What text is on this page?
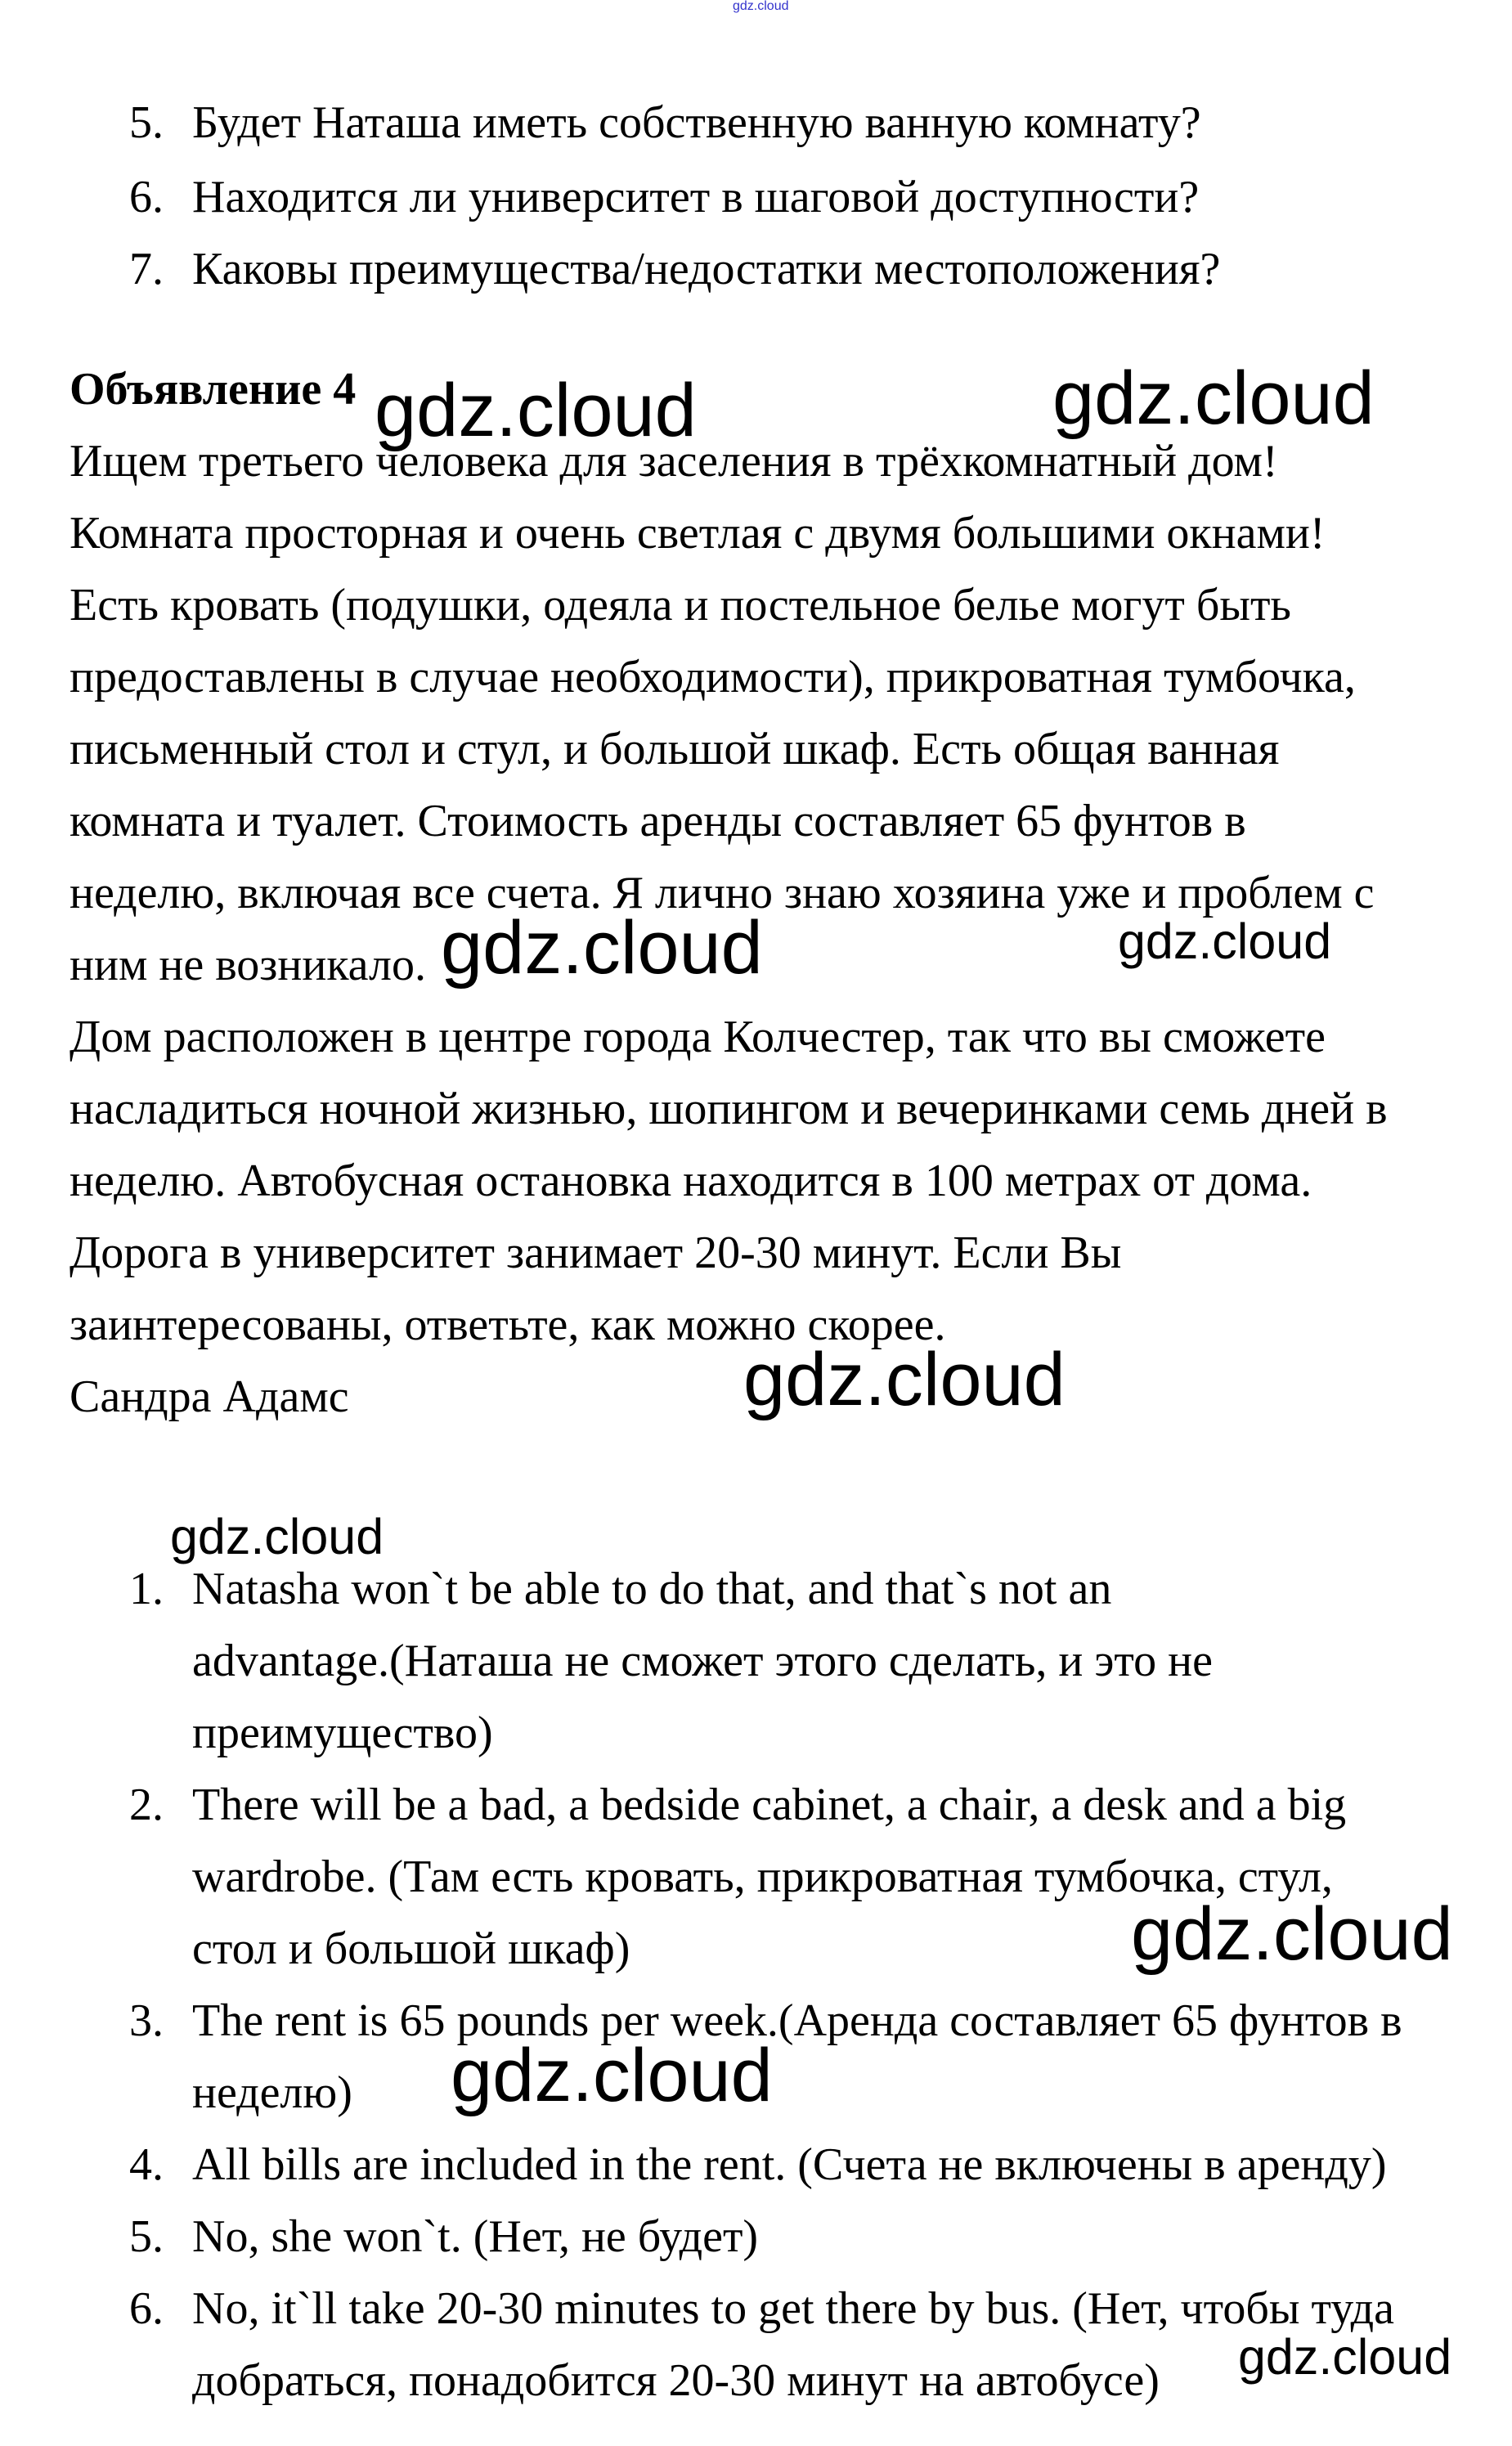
gdz.cloud
gdz.cloud	gdz.cloud
gdz.cloud	gdz.cloud
gdz.cloud
gdz.cloud
gdz.cloud
gdz.cloud
gdz.cloud
5. Будет Наташа иметь собственную ванную комнату?
6. Находится ли университет в шаговой доступности?
7. Каковы преимущества/недостатки местоположения?
Объявление 4
Ищем третьего человека для заселения в трёхкомнатный дом!
Комната просторная и очень светлая с двумя большими окнами!
Есть кровать (подушки, одеяла и постельное белье могут быть
предоставлены в случае необходимости), прикроватная тумбочка,
письменный стол и стул, и большой шкаф. Есть общая ванная
комната и туалет. Стоимость аренды составляет 65 фунтов в
неделю, включая все счета. Я лично знаю хозяина уже и проблем с
ним не возникало.
Дом расположен в центре города Колчестер, так что вы сможете
насладиться ночной жизнью, шопингом и вечеринками семь дней в
неделю. Автобусная остановка находится в 100 метрах от дома.
Дорога в университет занимает 20-30 минут. Если Вы
заинтересованы, ответьте, как можно скорее.
Сандра Адамс
1. Natasha won`t be able to do that, and that`s not an
advantage.(Наташа не сможет этого сделать, и это не
преимущество)
2. There will be a bad, a bedside cabinet, a chair, a desk and a big
wardrobe. (Там есть кровать, прикроватная тумбочка, стул,
стол и большой шкаф)
3. The rent is 65 pounds per week.(Аренда составляет 65 фунтов в
неделю)
4. All bills are included in the rent. (Счета не включены в аренду)
5. No, she won`t. (Нет, не будет)
6. No, it`ll take 20-30 minutes to get there by bus. (Нет, чтобы туда
добраться, понадобится 20-30 минут на автобусе)
